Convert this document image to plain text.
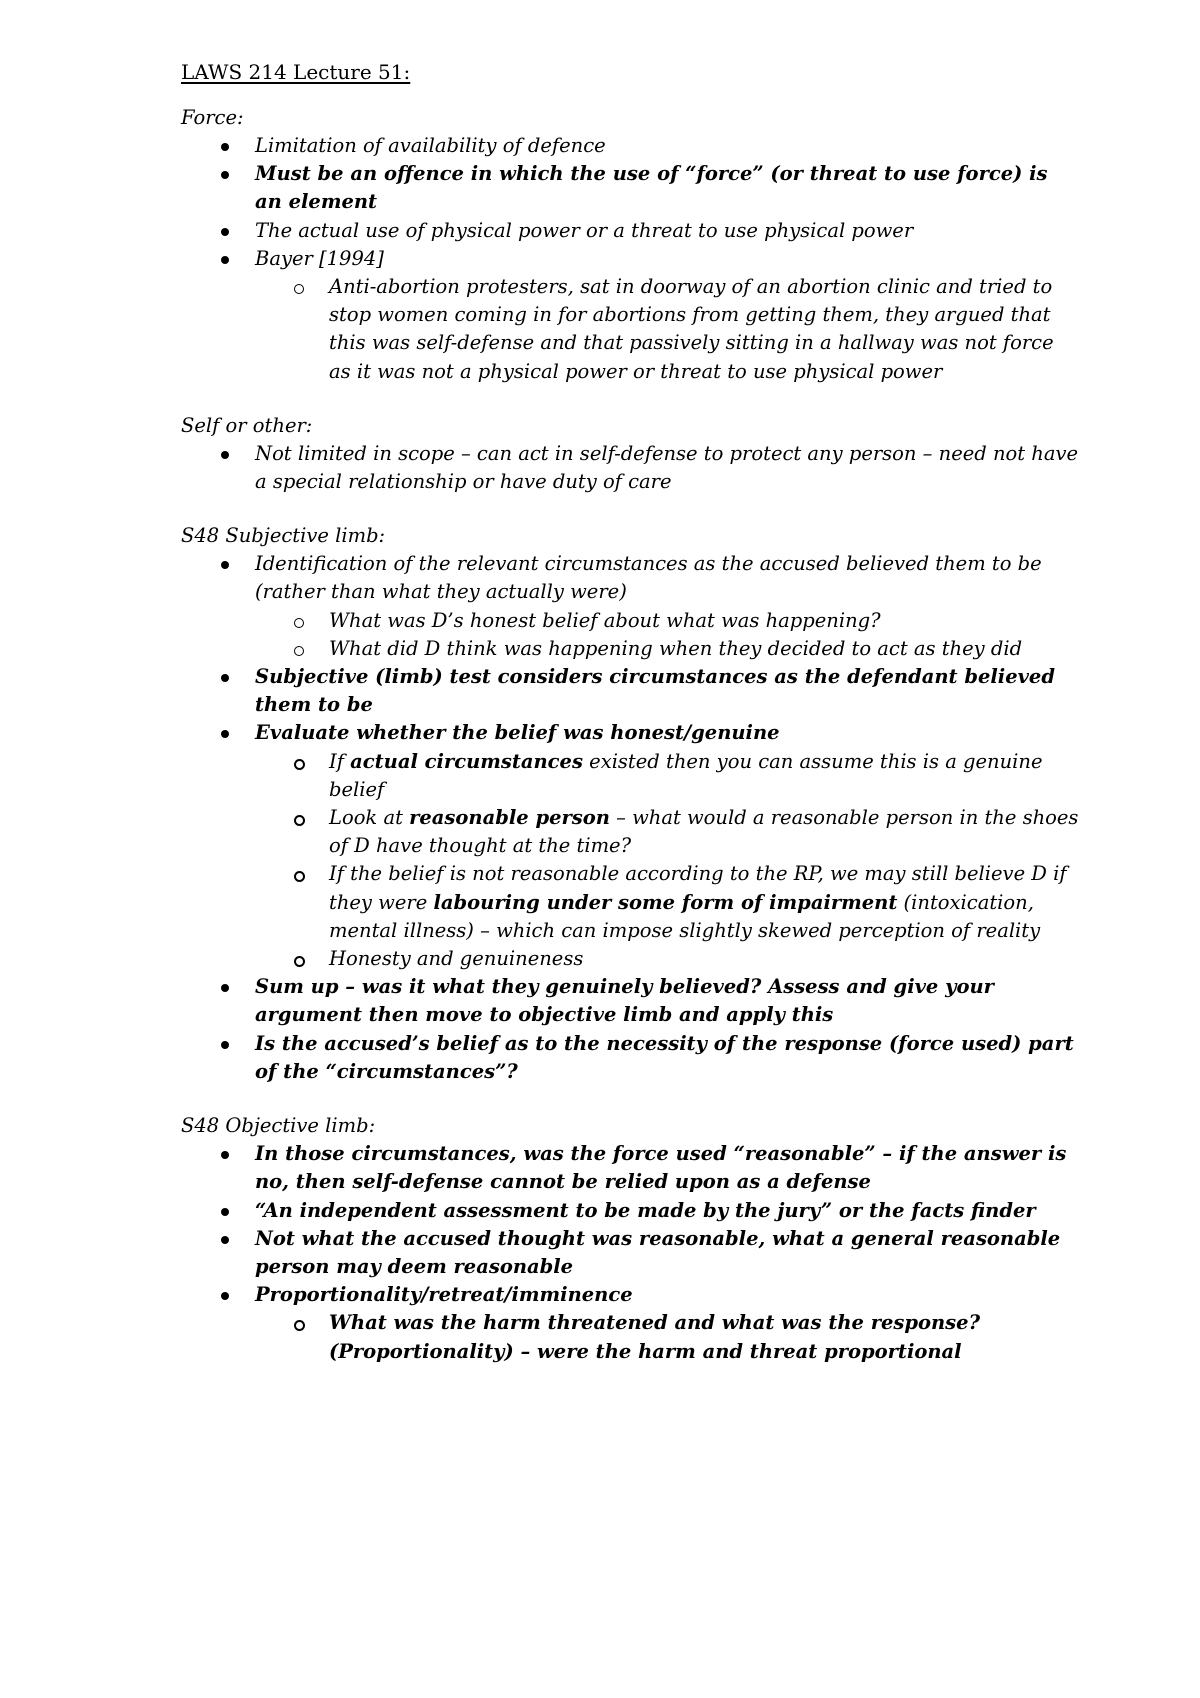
LAWS 214 Lecture 51:
Force:
Limitation of availability of defence
Must be an offence in which the use of “force” (or threat to use force) is an element
The actual use of physical power or a threat to use physical power
Bayer [1994]
Anti-abortion protesters, sat in doorway of an abortion clinic and tried to stop women coming in for abortions from getting them, they argued that this was self-defense and that passively sitting in a hallway was not force as it was not a physical power or threat to use physical power
Self or other:
Not limited in scope – can act in self-defense to protect any person – need not have a special relationship or have duty of care
S48 Subjective limb:
Identification of the relevant circumstances as the accused believed them to be (rather than what they actually were)
What was D’s honest belief about what was happening?
What did D think was happening when they decided to act as they did
Subjective (limb) test considers circumstances as the defendant believed them to be
Evaluate whether the belief was honest/genuine
If actual circumstances existed then you can assume this is a genuine belief
Look at reasonable person – what would a reasonable person in the shoes of D have thought at the time?
If the belief is not reasonable according to the RP, we may still believe D if they were labouring under some form of impairment (intoxication, mental illness) – which can impose slightly skewed perception of reality
Honesty and genuineness
Sum up – was it what they genuinely believed? Assess and give your argument then move to objective limb and apply this
Is the accused’s belief as to the necessity of the response (force used) part of the “circumstances”?
S48 Objective limb:
In those circumstances, was the force used “reasonable” – if the answer is no, then self-defense cannot be relied upon as a defense
“An independent assessment to be made by the jury” or the facts finder
Not what the accused thought was reasonable, what a general reasonable person may deem reasonable
Proportionality/retreat/imminence
What was the harm threatened and what was the response? (Proportionality) – were the harm and threat proportional
